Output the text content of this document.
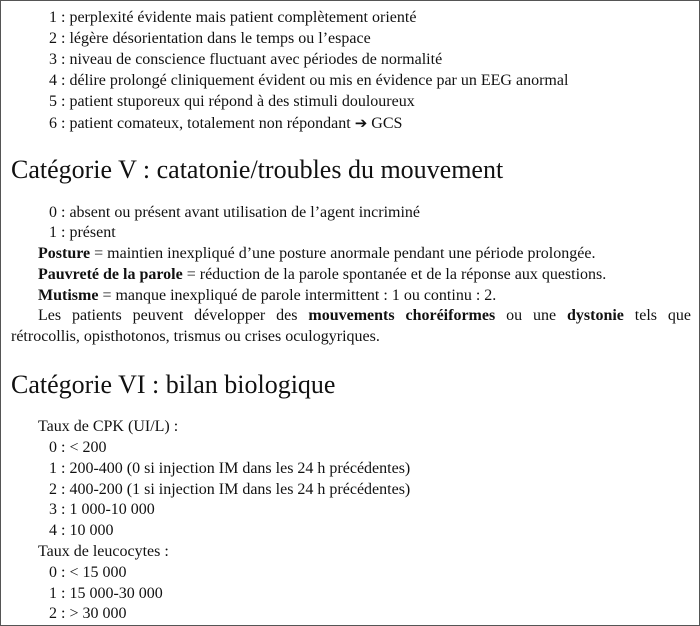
1 : perplexité évidente mais patient complètement orienté
2 : légère désorientation dans le temps ou l’espace
3 : niveau de conscience fluctuant avec périodes de normalité
4 : délire prolongé cliniquement évident ou mis en évidence par un EEG anormal
5 : patient stuporeux qui répond à des stimuli douloureux
6 : patient comateux, totalement non répondant ➔ GCS
Catégorie V : catatonie/troubles du mouvement
0 : absent ou présent avant utilisation de l’agent incriminé
1 : présent
Posture = maintien inexpliqué d’une posture anormale pendant une période prolongée.
Pauvreté de la parole = réduction de la parole spontanée et de la réponse aux questions.
Mutisme = manque inexpliqué de parole intermittent : 1 ou continu : 2.
Les patients peuvent développer des mouvements choréiformes ou une dystonie tels que
rétrocollis, opisthotonos, trismus ou crises oculogyriques.
Catégorie VI : bilan biologique
Taux de CPK (UI/L) :
0 : < 200
1 : 200-400 (0 si injection IM dans les 24 h précédentes)
2 : 400-200 (1 si injection IM dans les 24 h précédentes)
3 : 1 000-10 000
4 : 10 000
Taux de leucocytes :
0 : < 15 000
1 : 15 000-30 000
2 : > 30 000
